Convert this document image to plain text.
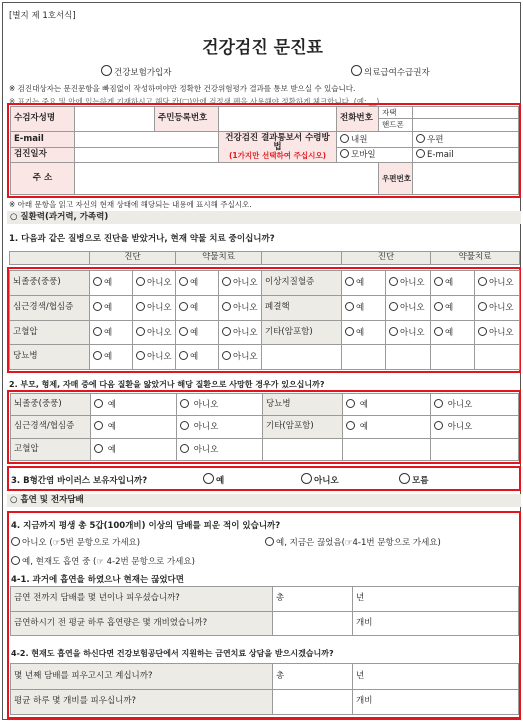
[별지 제 1호서식]
건강검진 문진표
건강보험가입자	의료급여수급권자
※ 검진대상자는 문진문항을 빠짐없이 작성하여야만 정확한 건강위험평가 결과를 통보 받으실 수 있습니다.
※ 표기는 중요 및 안에 있는하게 기재하시고 해당 칸(□)안에 검정색 펜을 사용해야 정확하게 체크합니다. (예: __)
수검자성명		주민등록번호		전화번호	자택	
					핸드폰	
E-mail			건강검진 결과통보서 수령방법
(1가지만 선택하여 주십시오)	내원		우편
검진일자				모바일		E-mail
주 소					우편번호	
※ 아래 문항을 읽고 자신의 현재 상태에 해당되는 내용에 표시해 주십시오.
○ 질환력(과거력, 가족력)
1. 다음과 같은 질병으로 진단을 받았거나, 현재 약물 치료 중이십니까?
	진단	약물치료		진단	약물치료
뇌졸중(중풍)	예	아니오	예	아니오	이상지질혈증	예	아니오	예	아니오
심근경색/협심증	예	아니오	예	아니오	폐결핵	예	아니오	예	아니오
고혈압	예	아니오	예	아니오	기타(암포함)	예	아니오	예	아니오
당뇨병	예	아니오	예	아니오					
2. 부모, 형제, 자매 중에 다음 질환을 앓았거나 해당 질환으로 사망한 경우가 있으십니까?
뇌졸중(중풍)	예	아니오	당뇨병	예	아니오
심근경색/협심증	예	아니오	기타(암포함)	예	아니오
고혈압	예	아니오			
3. B형간염 바이러스 보유자입니까?	예	아니오	모름
○ 흡연 및 전자담배
4. 지금까지 평생 총 5갑(100개비) 이상의 담배를 피운 적이 있습니까?
아니오 (☞5번 문항으로 가세요)	예, 지금은 끊었음(☞4-1번 문항으로 가세요)
예, 현재도 흡연 중 (☞ 4-2번 문항으로 가세요)
4-1. 과거에 흡연을 하였으나 현재는 끊었다면
금연 전까지 담배를 몇 년이나 피우셨습니까?	총	년
금연하시기 전 평균 하루 흡연량은 몇 개비였습니까?		개비
4-2. 현재도 흡연을 하신다면 건강보험공단에서 지원하는 금연치료 상담을 받으시겠습니까?
몇 년째 담배를 피우고시고 계십니까?	총	년
평균 하루 몇 개비를 피우십니까?		개비
